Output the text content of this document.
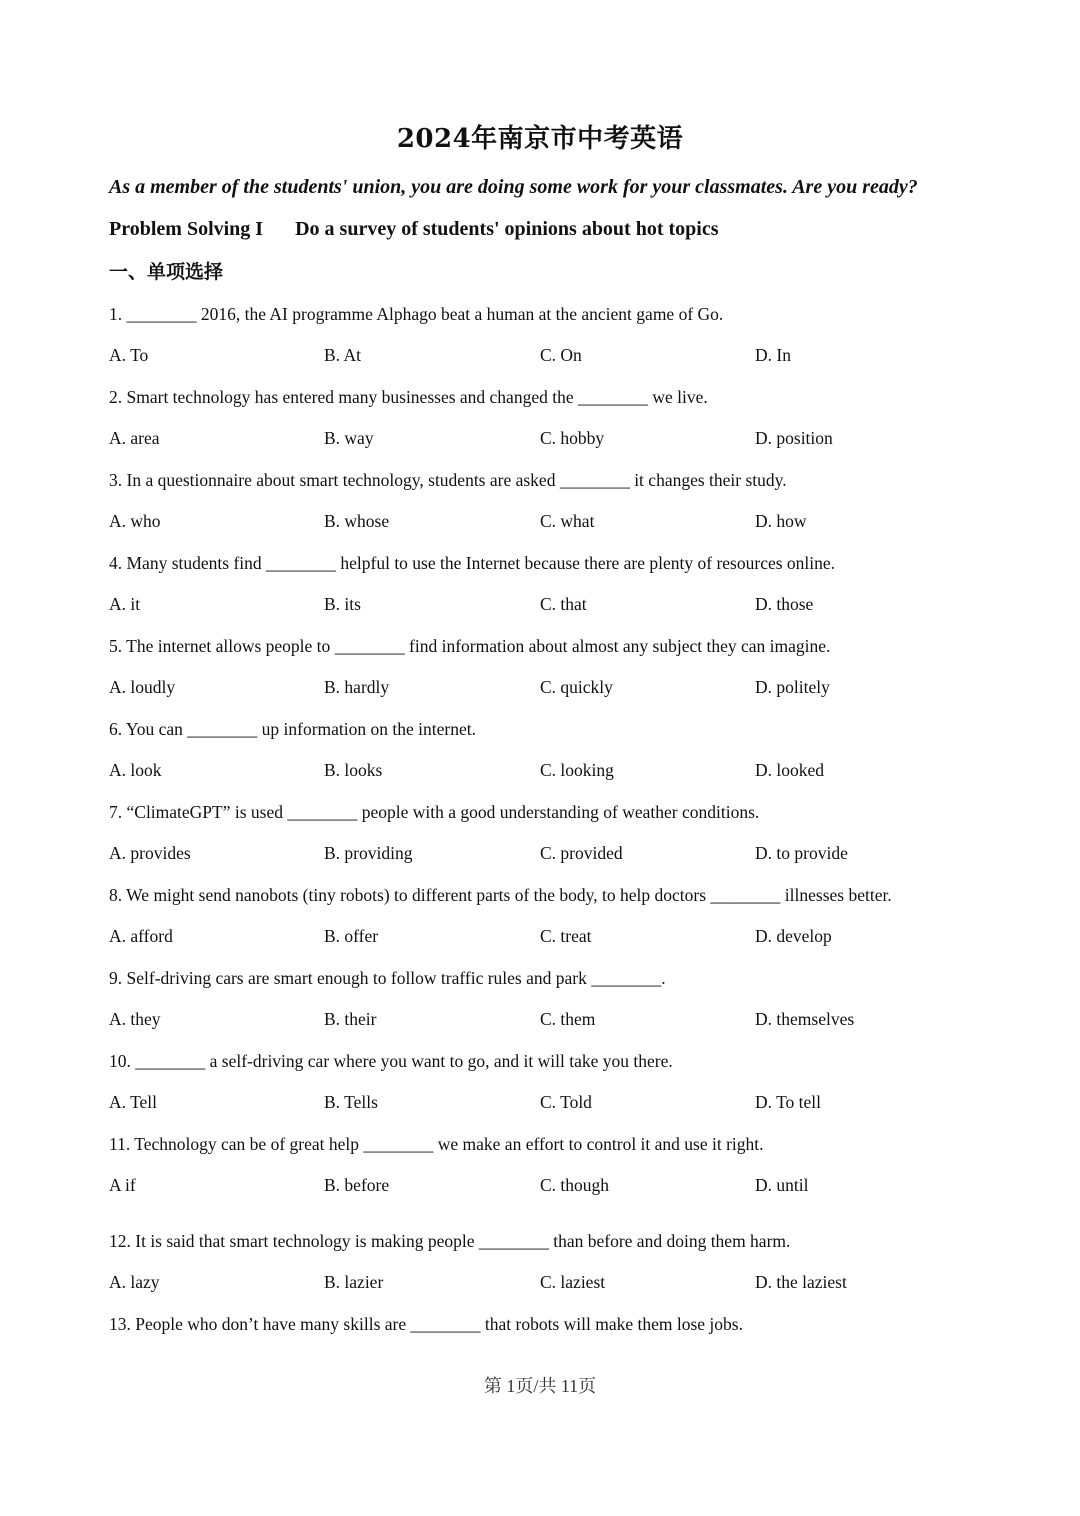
2024年南京市中考英语
As a member of the students' union, you are doing some work for your classmates. Are you ready?
Problem Solving I Do a survey of students' opinions about hot topics
一、单项选择
1. ________ 2016, the AI programme Alphago beat a human at the ancient game of Go.
A. To	B. At	C. On	D. In
2. Smart technology has entered many businesses and changed the ________ we live.
A. area	B. way	C. hobby	D. position
3. In a questionnaire about smart technology, students are asked ________ it changes their study.
A. who	B. whose	C. what	D. how
4. Many students find ________ helpful to use the Internet because there are plenty of resources online.
A. it	B. its	C. that	D. those
5. The internet allows people to ________ find information about almost any subject they can imagine.
A. loudly	B. hardly	C. quickly	D. politely
6. You can ________ up information on the internet.
A. look	B. looks	C. looking	D. looked
7. “ClimateGPT” is used ________ people with a good understanding of weather conditions.
A. provides	B. providing	C. provided	D. to provide
8. We might send nanobots (tiny robots) to different parts of the body, to help doctors ________ illnesses better.
A. afford	B. offer	C. treat	D. develop
9. Self-driving cars are smart enough to follow traffic rules and park ________.
A. they	B. their	C. them	D. themselves
10. ________ a self-driving car where you want to go, and it will take you there.
A. Tell	B. Tells	C. Told	D. To tell
11. Technology can be of great help ________ we make an effort to control it and use it right.
A if	B. before	C. though	D. until
12. It is said that smart technology is making people ________ than before and doing them harm.
A. lazy	B. lazier	C. laziest	D. the laziest
13. People who don’t have many skills are ________ that robots will make them lose jobs.
第 1页/共 11页
